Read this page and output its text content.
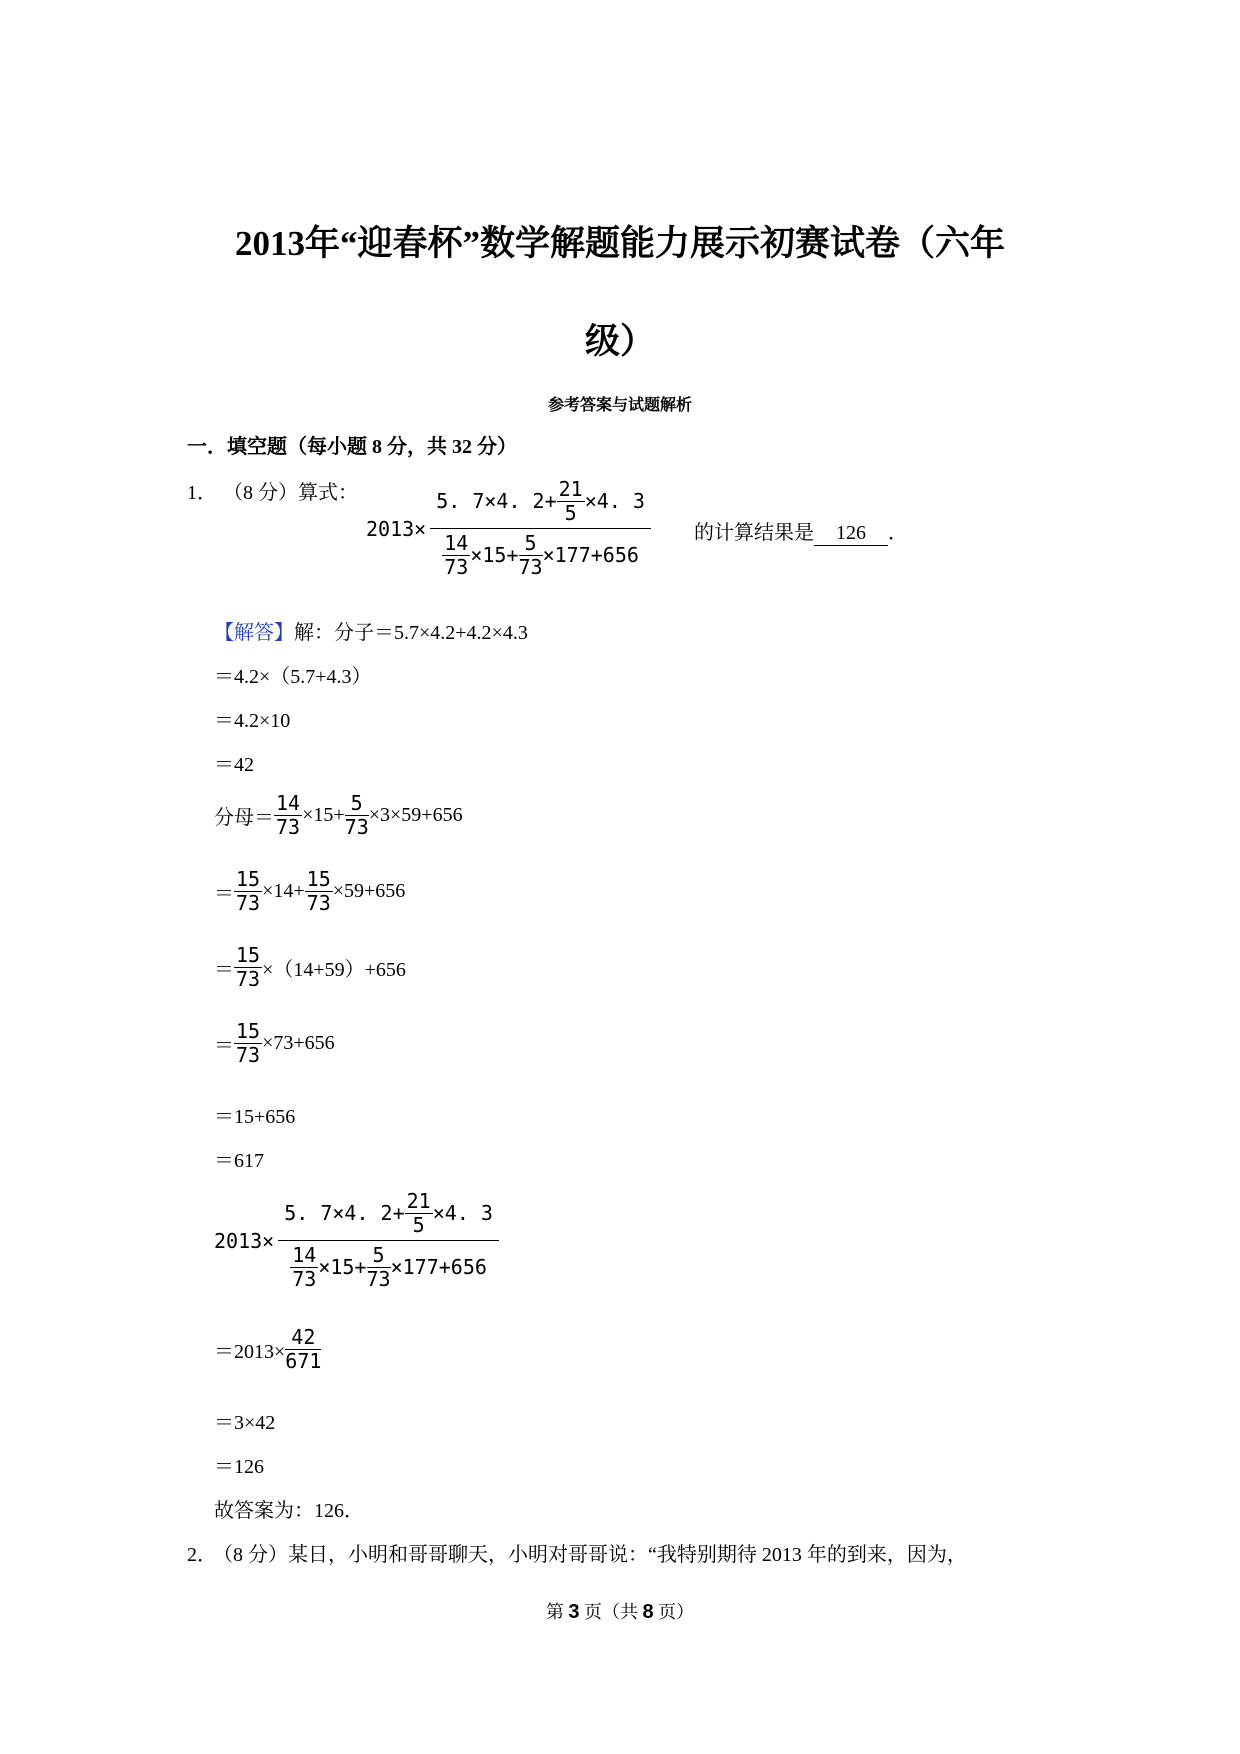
2013年“迎春杯”数学解题能力展示初赛试卷（六年
级）
参考答案与试题解析
一．填空题（每小题 8 分，共 32 分）
1． （8 分）算式：
2013×
5. 7×4. $2+ \frac{21}{5} \times 4$. 3
$\frac{14}{73} \times 15+ \frac{5}{73} \times 177+656$
的计算结果是 126 ．
【解答】解：分子＝5.7×4.2+4.2×4.3
＝4.2×（5.7+4.3）
＝4.2×10
＝42
分母＝ $\frac{14}{73} \times 15+ \frac{5}{73} \times 3\times 59+656$
＝ $\frac{15}{73} \times 14+ \frac{15}{73} \times 59+656$
＝ $\frac{15}{73} \times(14+59)+656$
＝ $\frac{15}{73} \times 73+656$
＝15+656
＝617
2013×
5. 7×4. $2+ \frac{21}{5} \times 4$. 3
$\frac{14}{73} \times 15+ \frac{5}{73} \times 177+656$
$=2013\times \frac{42}{671}$
＝3×42
＝126
故答案为：126．
2． （8 分）某日，小明和哥哥聊天，小明对哥哥说：“我特别期待 2013 年的到来，因为，
第 3 页（共 8 页）
